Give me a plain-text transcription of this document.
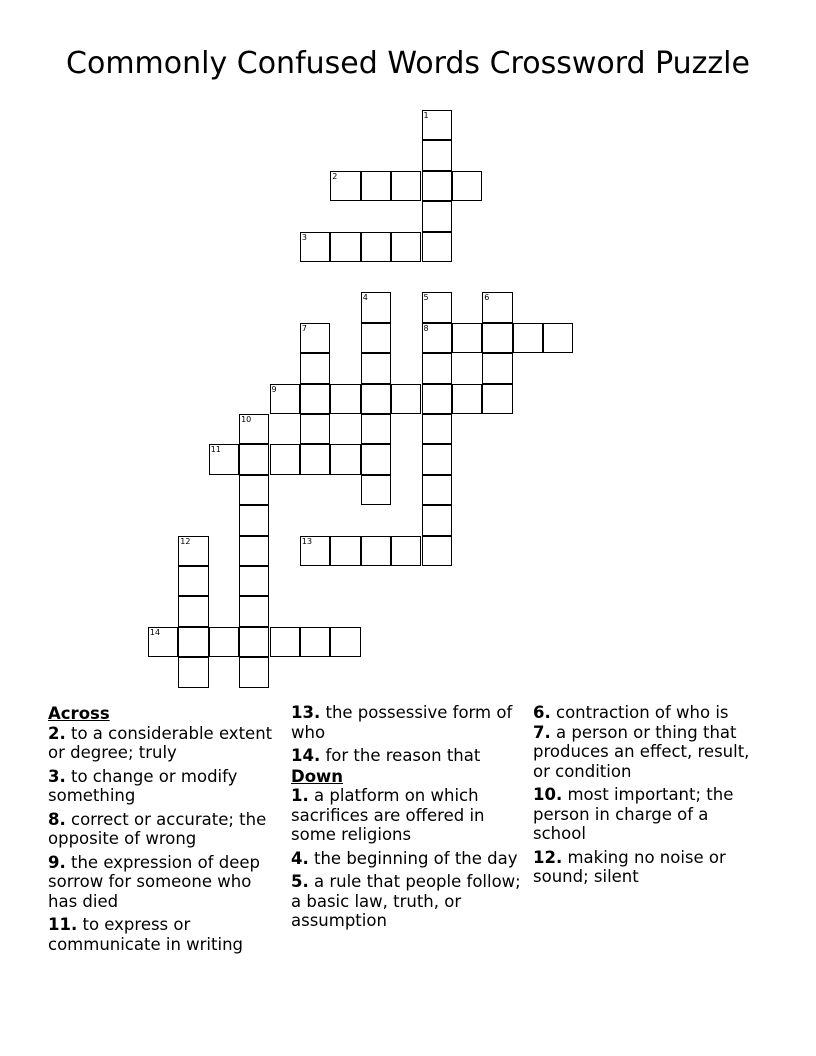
Commonly Confused Words Crossword Puzzle
1
2
3
4	5	6
7	8
9
10
11
12	13
14
Across
2. to a considerable extent or degree; truly
3. to change or modify something
8. correct or accurate; the opposite of wrong
9. the expression of deep sorrow for someone who has died
11. to express or communicate in writing
13. the possessive form of who
14. for the reason that
Down
1. a platform on which sacrifices are offered in some religions
4. the beginning of the day
5. a rule that people follow; a basic law, truth, or assumption
6. contraction of who is
7. a person or thing that produces an effect, result, or condition
10. most important; the person in charge of a school
12. making no noise or sound; silent
